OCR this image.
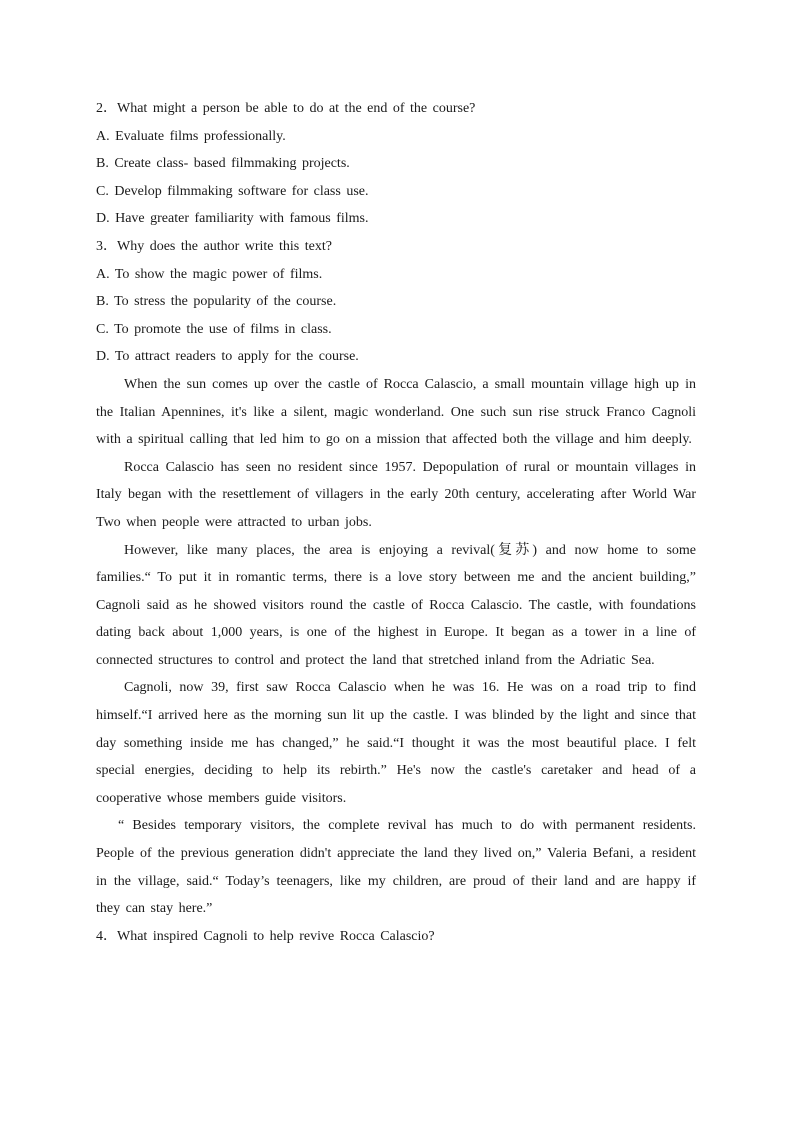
2．What might a person be able to do at the end of the course?
A. Evaluate films professionally.
B. Create class- based filmmaking projects.
C. Develop filmmaking software for class use.
D. Have greater familiarity with famous films.
3．Why does the author write this text?
A. To show the magic power of films.
B. To stress the popularity of the course.
C. To promote the use of films in class.
D. To attract readers to apply for the course.
When the sun comes up over the castle of Rocca Calascio, a small mountain village high up in the Italian Apennines, it's like a silent, magic wonderland. One such sun rise struck Franco Cagnoli with a spiritual calling that led him to go on a mission that affected both the village and him deeply.
Rocca Calascio has seen no resident since 1957. Depopulation of rural or mountain villages in Italy began with the resettlement of villagers in the early 20th century, accelerating after World War Two when people were attracted to urban jobs.
However, like many places, the area is enjoying a revival(复苏) and now home to some families.“ To put it in romantic terms, there is a love story between me and the ancient building,” Cagnoli said as he showed visitors round the castle of Rocca Calascio. The castle, with foundations dating back about 1,000 years, is one of the highest in Europe. It began as a tower in a line of connected structures to control and protect the land that stretched inland from the Adriatic Sea.
Cagnoli, now 39, first saw Rocca Calascio when he was 16. He was on a road trip to find himself.“I arrived here as the morning sun lit up the castle. I was blinded by the light and since that day something inside me has changed,” he said.“I thought it was the most beautiful place. I felt special energies, deciding to help its rebirth.” He's now the castle's caretaker and head of a cooperative whose members guide visitors.
“ Besides temporary visitors, the complete revival has much to do with permanent residents. People of the previous generation didn't appreciate the land they lived on,” Valeria Befani, a resident in the village, said.“ Today’s teenagers, like my children, are proud of their land and are happy if they can stay here.”
4．What inspired Cagnoli to help revive Rocca Calascio?
